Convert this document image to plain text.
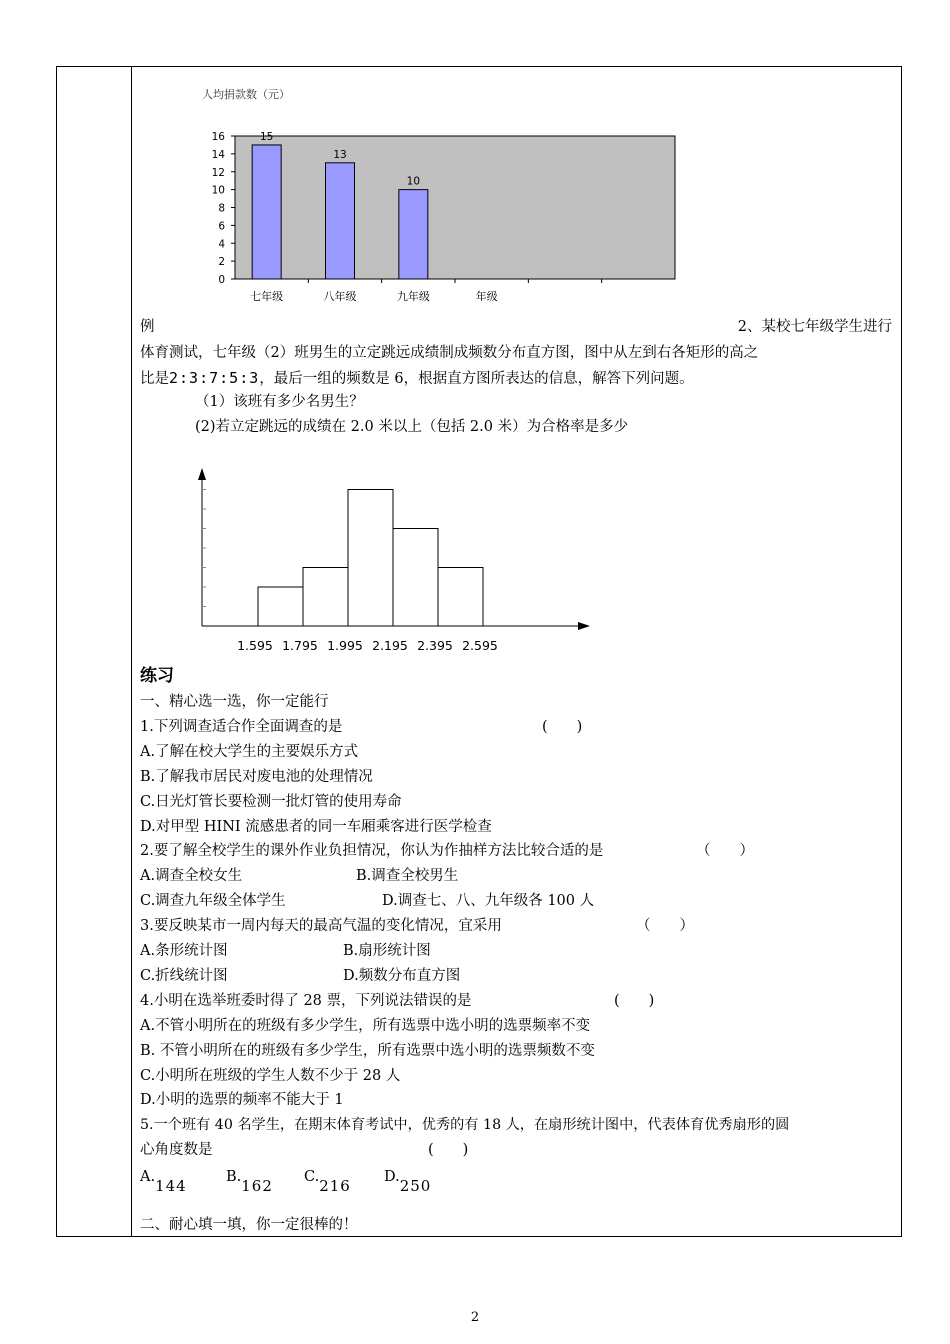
人均捐款数（元）
0
2
4
6
8
10
12
14
16	15
七年级
13
八年级
10
九年级	年级
例	2、某校七年级学生进行
体育测试，七年级（2）班男生的立定跳远成绩制成频数分布直方图，图中从左到右各矩形的高之
比是2:3:7:5:3，最后一组的频数是 6，根据直方图所表达的信息，解答下列问题。
（1）该班有多少名男生？
(2)若立定跳远的成绩在 2.0 米以上（包括 2.0 米）为合格率是多少
1.595 1.795 1.995 2.195 2.395 2.595
练习
一、精心选一选，你一定能行
1.下列调查适合作全面调查的是	(　　)
A.了解在校大学生的主要娱乐方式
B.了解我市居民对废电池的处理情况
C.日光灯管长要检测一批灯管的使用寿命
D.对甲型 HINI 流感患者的同一车厢乘客进行医学检查
2.要了解全校学生的课外作业负担情况，你认为作抽样方法比较合适的是	（　　）
A.调查全校女生	B.调查全校男生
C.调查九年级全体学生	D.调查七、八、九年级各 100 人
3.要反映某市一周内每天的最高气温的变化情况，宜采用	（　　）
A.条形统计图	B.扇形统计图
C.折线统计图	D.频数分布直方图
4.小明在选举班委时得了 28 票，下列说法错误的是	(　　)
A.不管小明所在的班级有多少学生，所有选票中选小明的选票频率不变
B. 不管小明所在的班级有多少学生，所有选票中选小明的选票频数不变
C.小明所在班级的学生人数不少于 28 人
D.小明的选票的频率不能大于 1
5.一个班有 40 名学生，在期末体育考试中，优秀的有 18 人，在扇形统计图中，代表体育优秀扇形的圆
心角度数是	(　　)
A.144	B.162 C.216 D.250
二、耐心填一填，你一定很棒的！
2
